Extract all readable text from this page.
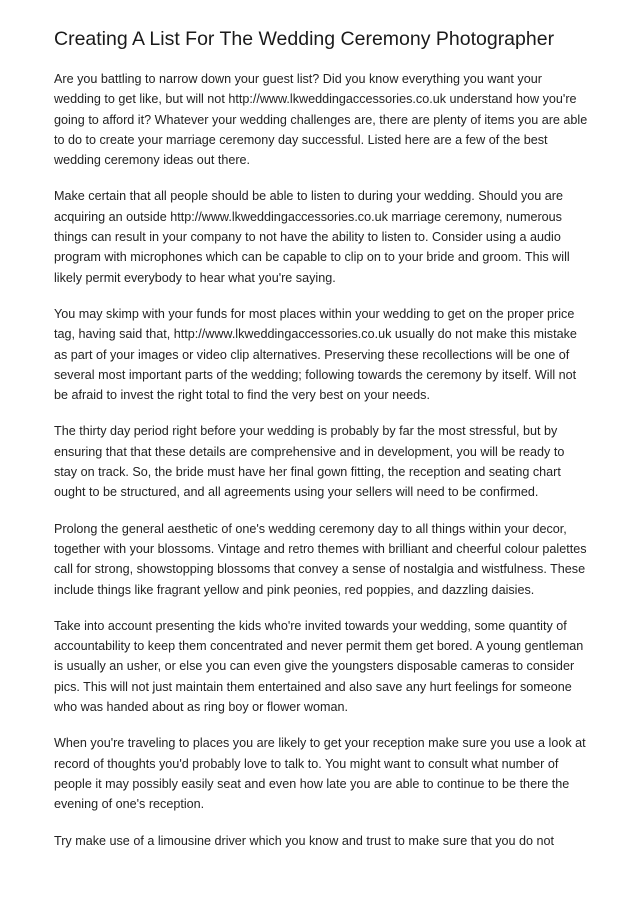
Creating A List For The Wedding Ceremony Photographer

Are you battling to narrow down your guest list? Did you know everything you want your wedding to get like, but will not http://www.lkweddingaccessories.co.uk understand how you're going to afford it? Whatever your wedding challenges are, there are plenty of items you are able to do to create your marriage ceremony day successful. Listed here are a few of the best wedding ceremony ideas out there.

Make certain that all people should be able to listen to during your wedding. Should you are acquiring an outside http://www.lkweddingaccessories.co.uk marriage ceremony, numerous things can result in your company to not have the ability to listen to. Consider using a audio program with microphones which can be capable to clip on to your bride and groom. This will likely permit everybody to hear what you're saying.

You may skimp with your funds for most places within your wedding to get on the proper price tag, having said that, http://www.lkweddingaccessories.co.uk usually do not make this mistake as part of your images or video clip alternatives. Preserving these recollections will be one of several most important parts of the wedding; following towards the ceremony by itself. Will not be afraid to invest the right total to find the very best on your needs.

The thirty day period right before your wedding is probably by far the most stressful, but by ensuring that that these details are comprehensive and in development, you will be ready to stay on track. So, the bride must have her final gown fitting, the reception and seating chart ought to be structured, and all agreements using your sellers will need to be confirmed.

Prolong the general aesthetic of one's wedding ceremony day to all things within your decor, together with your blossoms. Vintage and retro themes with brilliant and cheerful colour palettes call for strong, showstopping blossoms that convey a sense of nostalgia and wistfulness. These include things like fragrant yellow and pink peonies, red poppies, and dazzling daisies.

Take into account presenting the kids who're invited towards your wedding, some quantity of accountability to keep them concentrated and never permit them get bored. A young gentleman is usually an usher, or else you can even give the youngsters disposable cameras to consider pics. This will not just maintain them entertained and also save any hurt feelings for someone who was handed about as ring boy or flower woman.

When you're traveling to places you are likely to get your reception make sure you use a look at record of thoughts you'd probably love to talk to. You might want to consult what number of people it may possibly easily seat and even how late you are able to continue to be there the evening of one's reception.

Try make use of a limousine driver which you know and trust to make sure that you do not
